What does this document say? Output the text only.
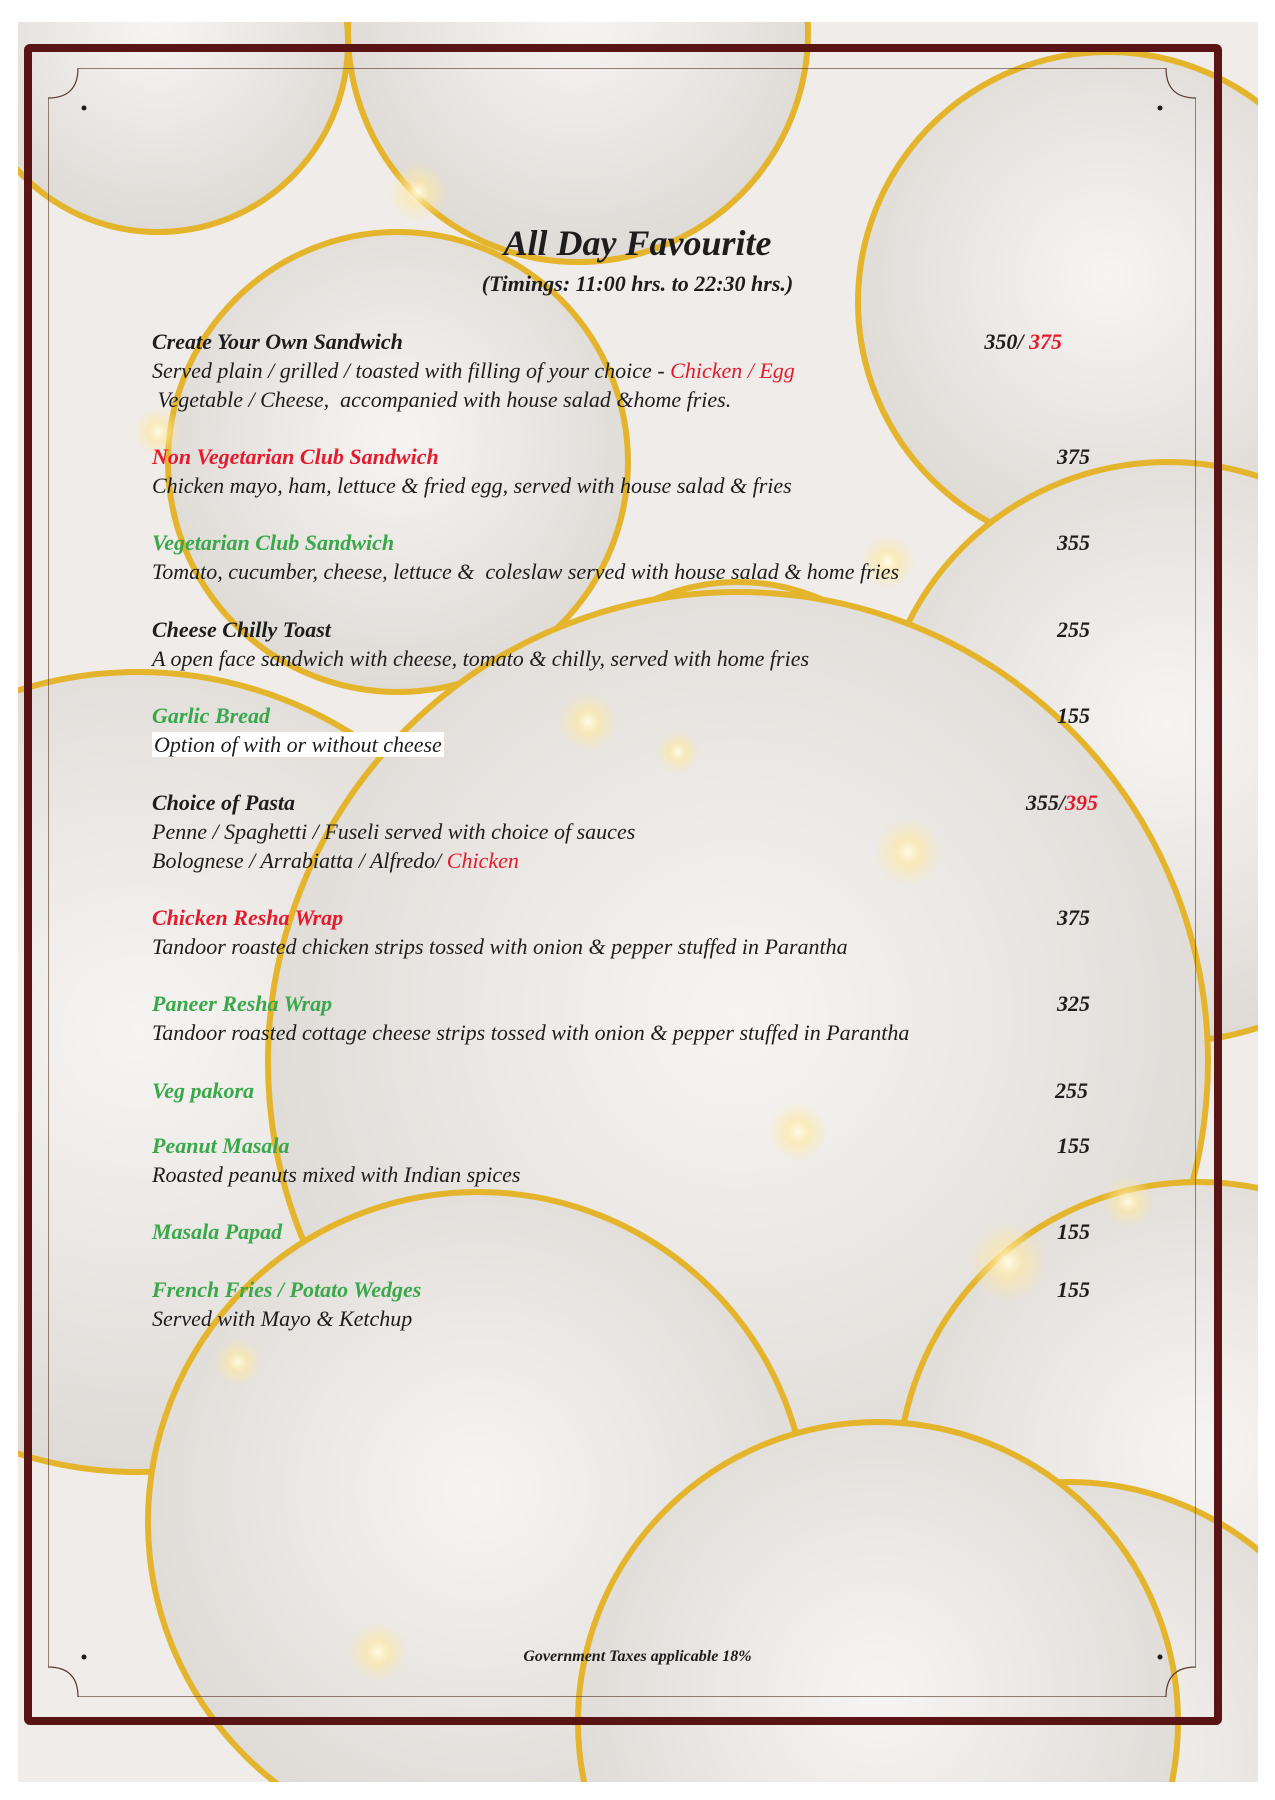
All Day Favourite
(Timings: 11:00 hrs. to 22:30 hrs.)
Create Your Own Sandwich	350/ 375
Served plain / grilled / toasted with filling of your choice - Chicken / Egg
Vegetable / Cheese,  accompanied with house salad &home fries.
Non Vegetarian Club Sandwich	375
Chicken mayo, ham, lettuce & fried egg, served with house salad & fries
Vegetarian Club Sandwich	355
Tomato, cucumber, cheese, lettuce &  coleslaw served with house salad & home fries
Cheese Chilly Toast	255
A open face sandwich with cheese, tomato & chilly, served with home fries
Garlic Bread	155
Option of with or without cheese
Choice of Pasta	355/395
Penne / Spaghetti / Fuseli served with choice of sauces
Bolognese / Arrabiatta / Alfredo/ Chicken
Chicken Resha Wrap	375
Tandoor roasted chicken strips tossed with onion & pepper stuffed in Parantha
Paneer Resha Wrap	325
Tandoor roasted cottage cheese strips tossed with onion & pepper stuffed in Parantha
Veg pakora	255
Peanut Masala	155
Roasted peanuts mixed with Indian spices
Masala Papad	155
French Fries / Potato Wedges	155
Served with Mayo & Ketchup
Government Taxes applicable 18%
